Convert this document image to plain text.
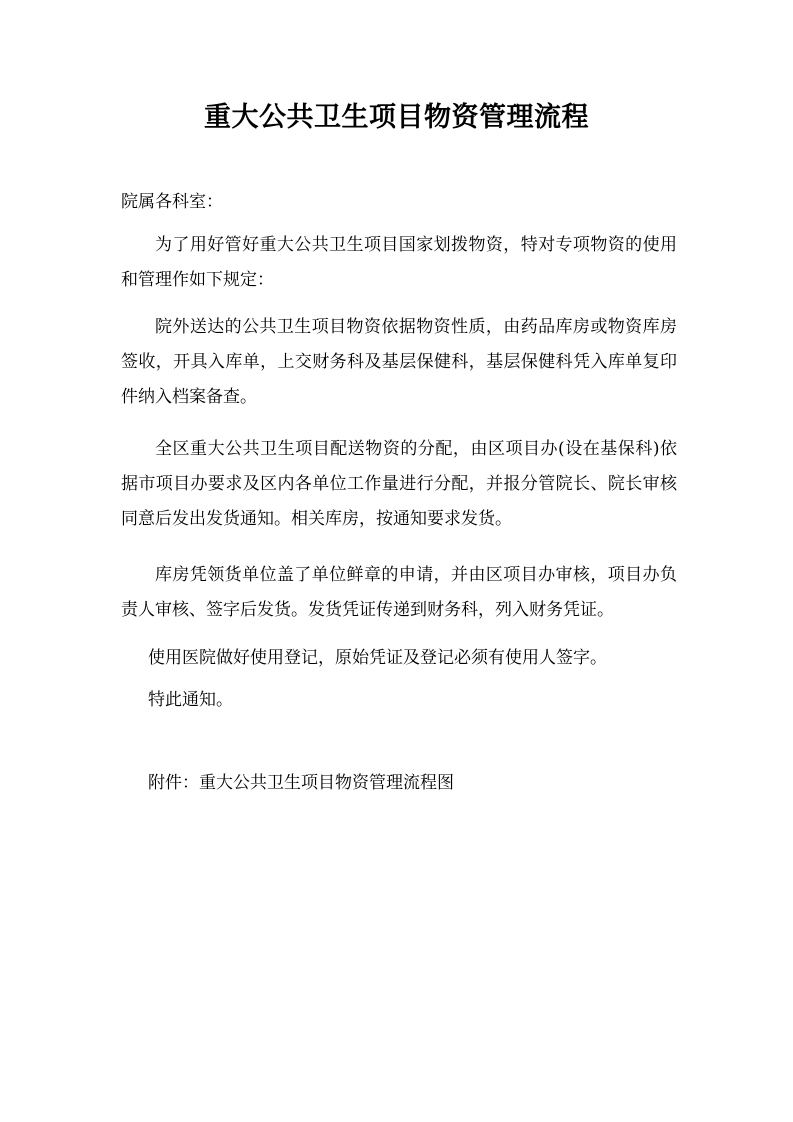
重大公共卫生项目物资管理流程
院属各科室：
为了用好管好重大公共卫生项目国家划拨物资，特对专项物资的使用和管理作如下规定：
院外送达的公共卫生项目物资依据物资性质，由药品库房或物资库房签收，开具入库单，上交财务科及基层保健科，基层保健科凭入库单复印件纳入档案备查。
全区重大公共卫生项目配送物资的分配，由区项目办(设在基保科)依据市项目办要求及区内各单位工作量进行分配，并报分管院长、院长审核同意后发出发货通知。相关库房，按通知要求发货。
库房凭领货单位盖了单位鲜章的申请，并由区项目办审核，项目办负责人审核、签字后发货。发货凭证传递到财务科，列入财务凭证。
使用医院做好使用登记，原始凭证及登记必须有使用人签字。
特此通知。
附件：重大公共卫生项目物资管理流程图
